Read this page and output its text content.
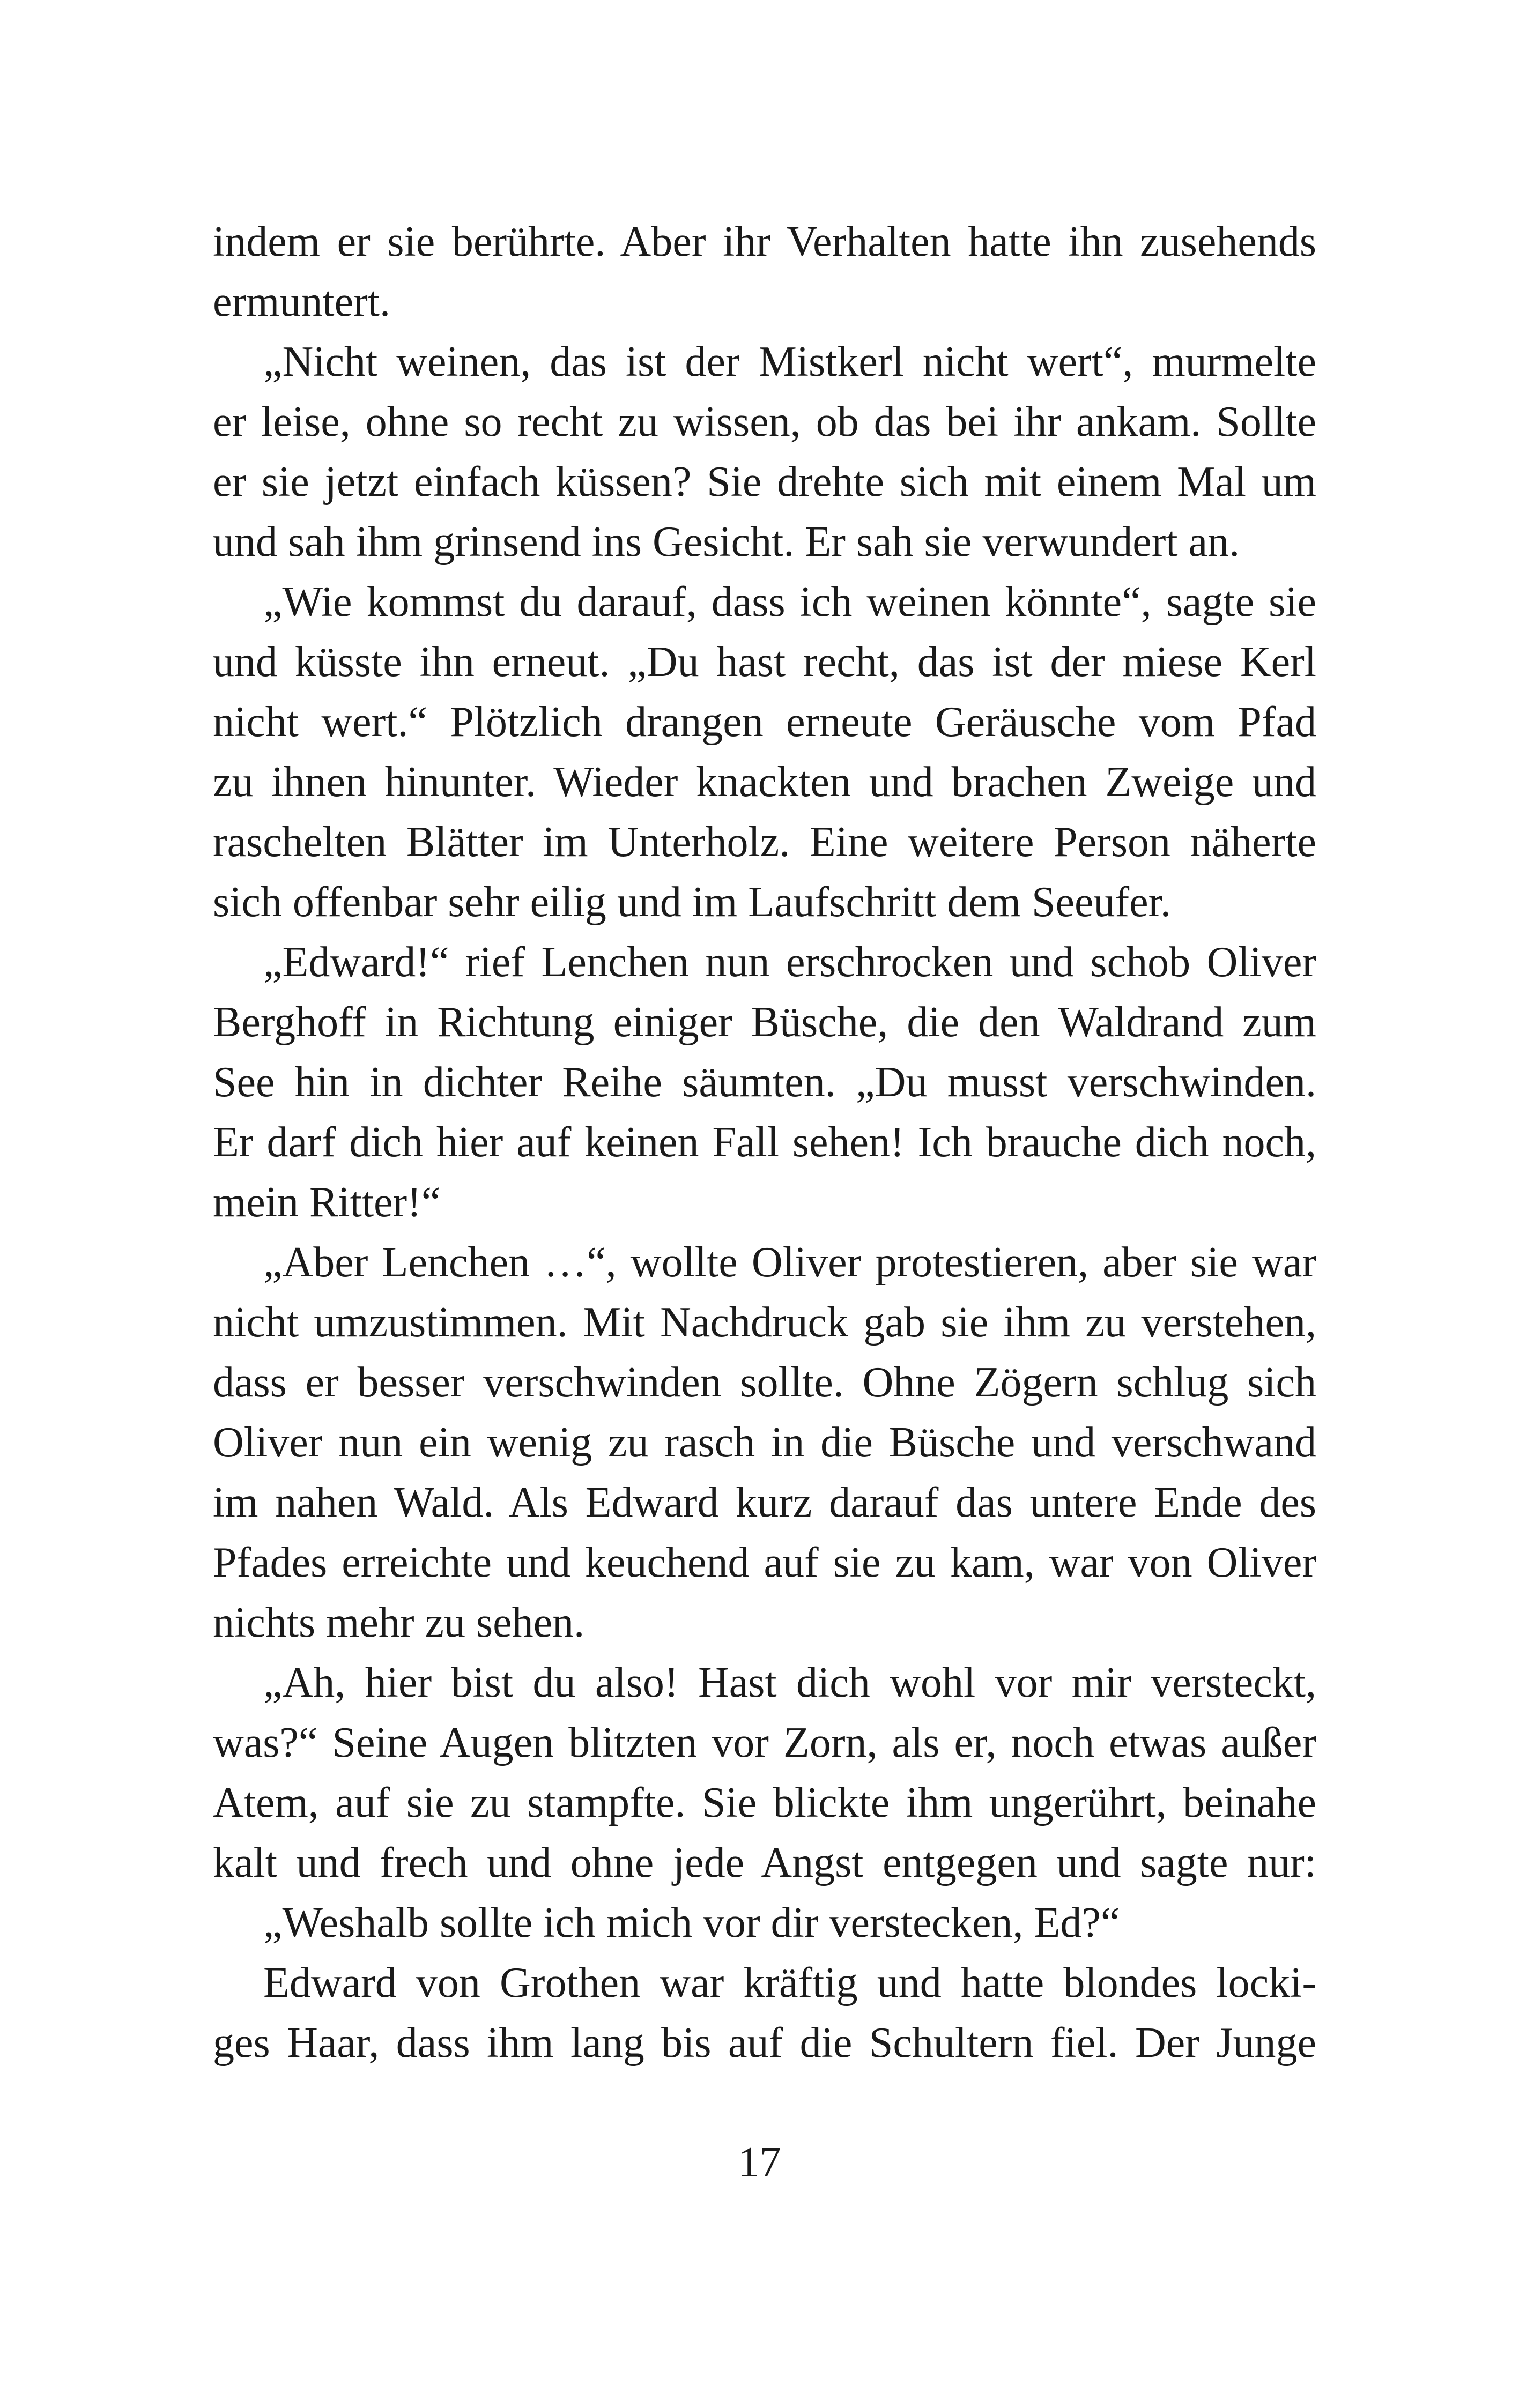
indem er sie berührte. Aber ihr Verhalten hatte ihn zusehends
ermuntert.
„Nicht weinen, das ist der Mistkerl nicht wert“, murmelte
er leise, ohne so recht zu wissen, ob das bei ihr ankam. Sollte
er sie jetzt einfach küssen? Sie drehte sich mit einem Mal um
und sah ihm grinsend ins Gesicht. Er sah sie verwundert an.
„Wie kommst du darauf, dass ich weinen könnte“, sagte sie
und küsste ihn erneut. „Du hast recht, das ist der miese Kerl
nicht wert.“ Plötzlich drangen erneute Geräusche vom Pfad
zu ihnen hinunter. Wieder knackten und brachen Zweige und
raschelten Blätter im Unterholz. Eine weitere Person näherte
sich offenbar sehr eilig und im Laufschritt dem Seeufer.
„Edward!“ rief Lenchen nun erschrocken und schob Oliver
Berghoff in Richtung einiger Büsche, die den Waldrand zum
See hin in dichter Reihe säumten. „Du musst verschwinden.
Er darf dich hier auf keinen Fall sehen! Ich brauche dich noch,
mein Ritter!“
„Aber Lenchen …“, wollte Oliver protestieren, aber sie war
nicht umzustimmen. Mit Nachdruck gab sie ihm zu verstehen,
dass er besser verschwinden sollte. Ohne Zögern schlug sich
Oliver nun ein wenig zu rasch in die Büsche und verschwand
im nahen Wald. Als Edward kurz darauf das untere Ende des
Pfades erreichte und keuchend auf sie zu kam, war von Oliver
nichts mehr zu sehen.
„Ah, hier bist du also! Hast dich wohl vor mir versteckt,
was?“ Seine Augen blitzten vor Zorn, als er, noch etwas außer
Atem, auf sie zu stampfte. Sie blickte ihm ungerührt, beinahe
kalt und frech und ohne jede Angst entgegen und sagte nur:
„Weshalb sollte ich mich vor dir verstecken, Ed?“
Edward von Grothen war kräftig und hatte blondes locki-
ges Haar, dass ihm lang bis auf die Schultern fiel. Der Junge
17
